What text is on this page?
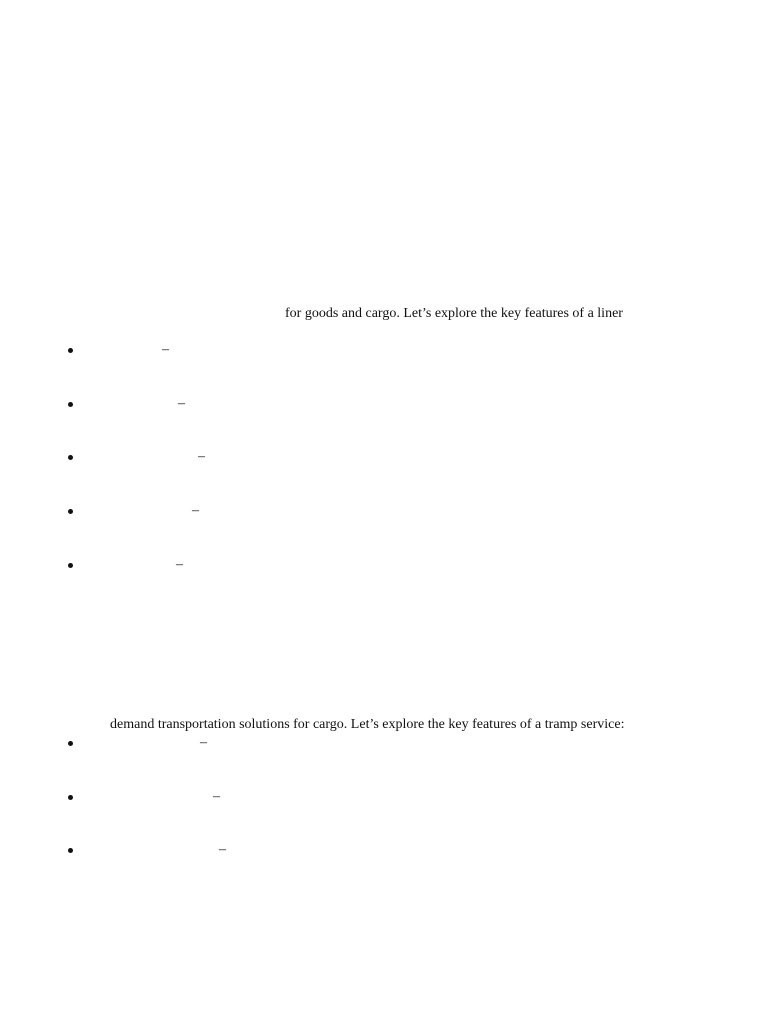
for goods and cargo. Let’s explore the key features of a liner
–
–
–
–
–
demand transportation solutions for cargo. Let’s explore the key features of a tramp service:
–
–
–
